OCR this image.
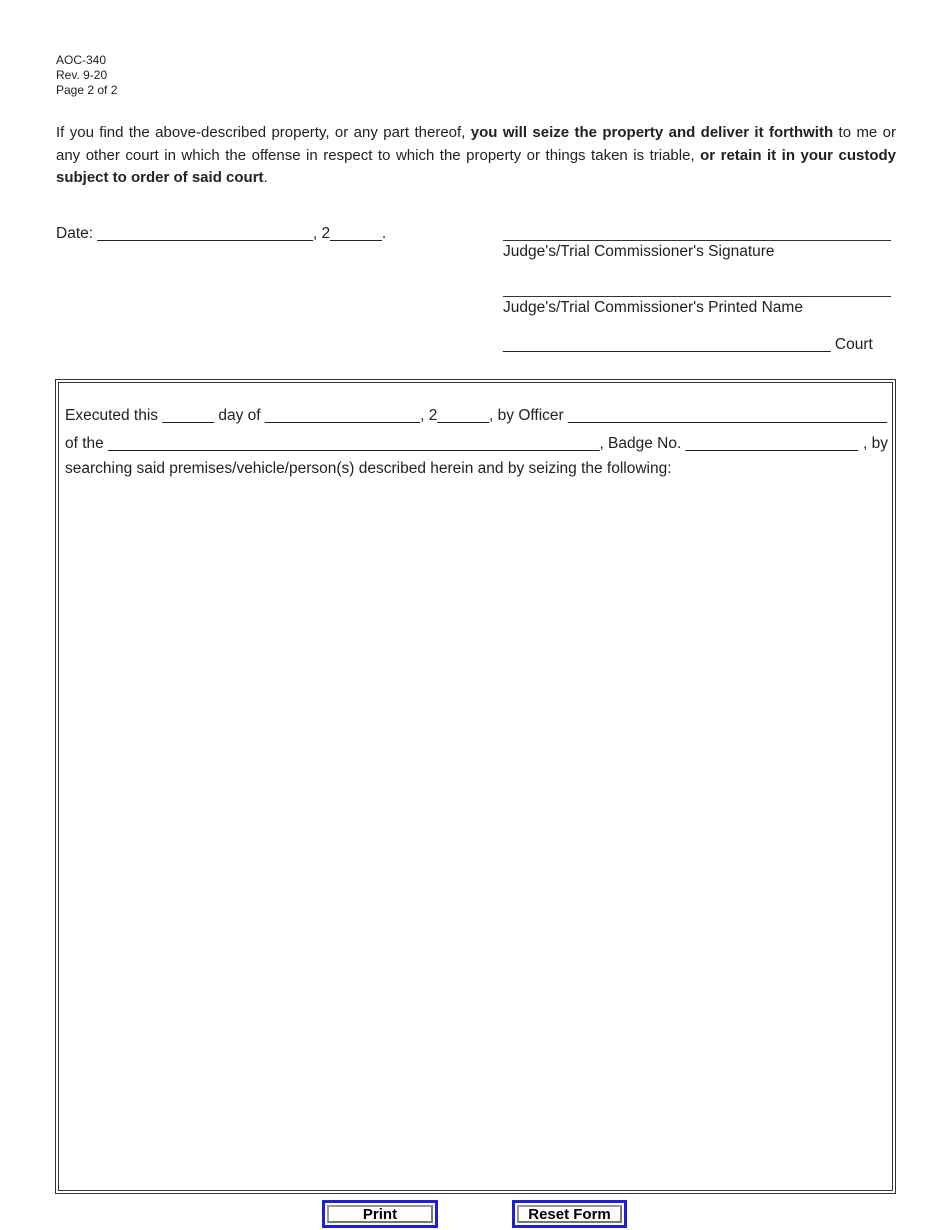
AOC-340
Rev. 9-20
Page 2 of 2
If you find the above-described property, or any part thereof, you will seize the property and deliver it forthwith to me or any other court in which the offense in respect to which the property or things taken is triable, or retain it in your custody subject to order of said court.
Date: _________________________, 2______.
Judge's/Trial Commissioner's Signature
Judge's/Trial Commissioner's Printed Name
______________________________________ Court
Executed this ______ day of __________________, 2______, by Officer _____________________________________
of the _________________________________________________________, Badge No. ____________________ , by
searching said premises/vehicle/person(s) described herein and by seizing the following:
Print	Reset Form
